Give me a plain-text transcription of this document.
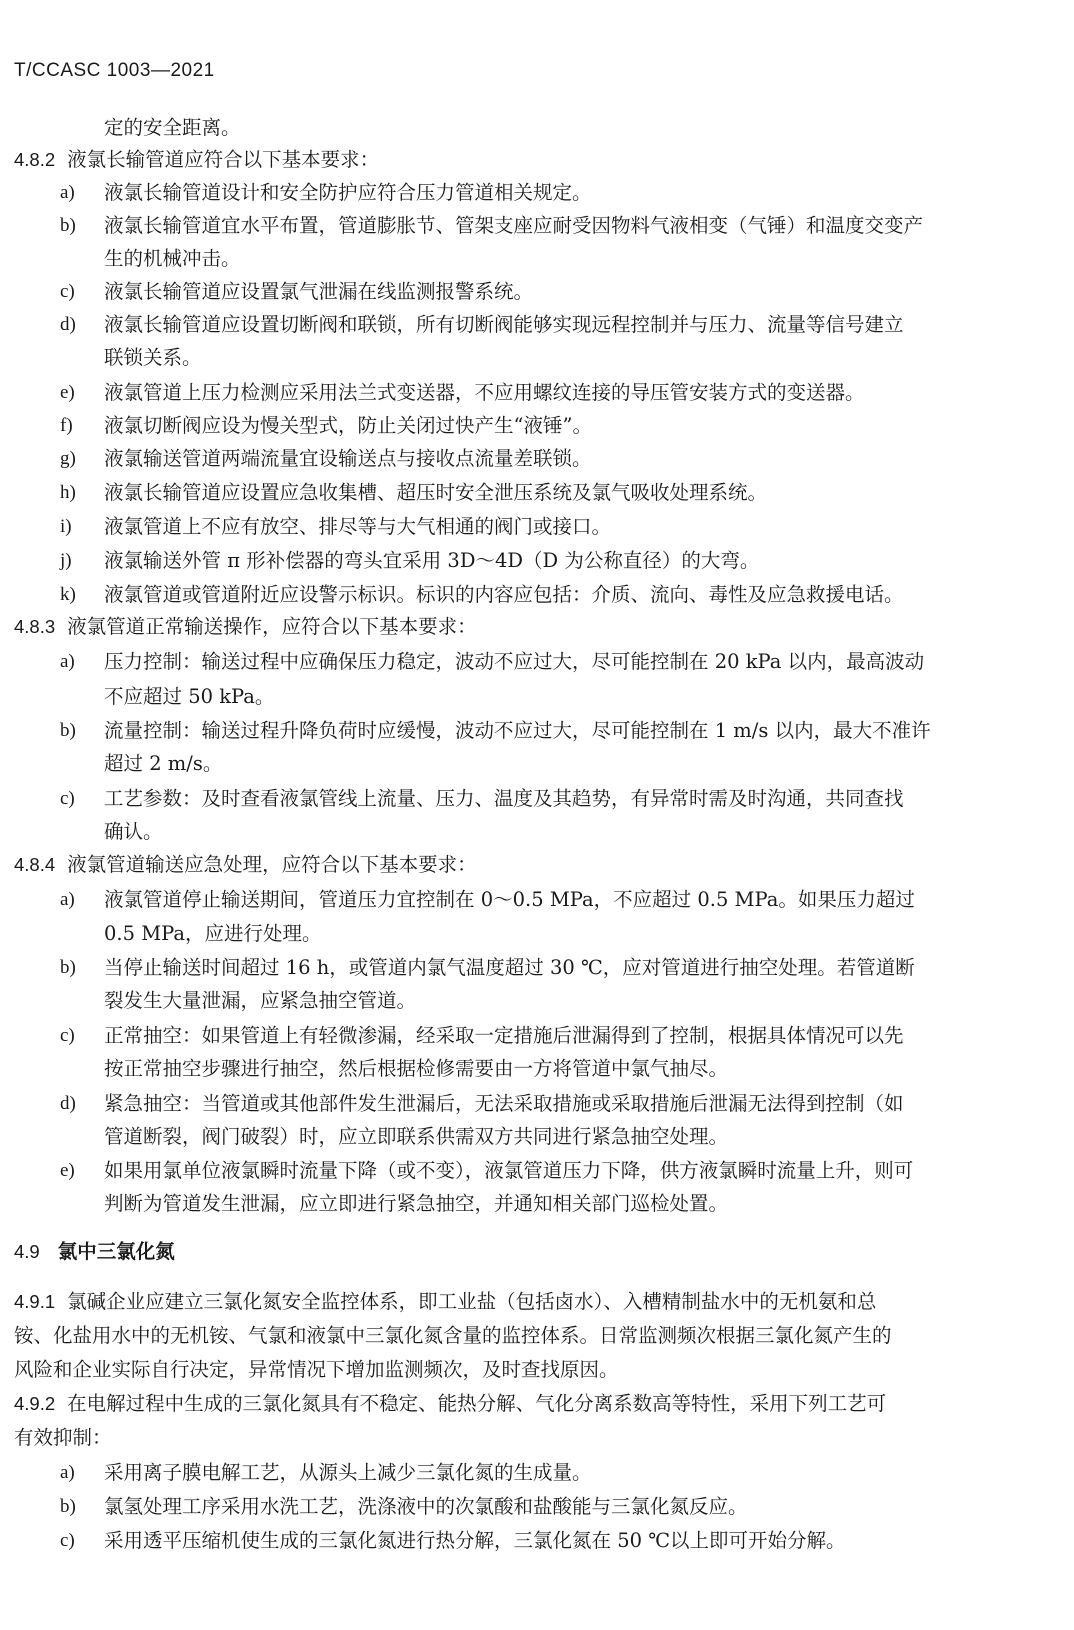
T/CCASC 1003—2021
定的安全距离。
4.8.2 液氯长输管道应符合以下基本要求：
a) 液氯长输管道设计和安全防护应符合压力管道相关规定。
b) 液氯长输管道宜水平布置，管道膨胀节、管架支座应耐受因物料气液相变（气锤）和温度交变产
生的机械冲击。
c) 液氯长输管道应设置氯气泄漏在线监测报警系统。
d) 液氯长输管道应设置切断阀和联锁，所有切断阀能够实现远程控制并与压力、流量等信号建立
联锁关系。
e) 液氯管道上压力检测应采用法兰式变送器，不应用螺纹连接的导压管安装方式的变送器。
f) 液氯切断阀应设为慢关型式，防止关闭过快产生“液锤”。
g) 液氯输送管道两端流量宜设输送点与接收点流量差联锁。
h) 液氯长输管道应设置应急收集槽、超压时安全泄压系统及氯气吸收处理系统。
i) 液氯管道上不应有放空、排尽等与大气相通的阀门或接口。
j) 液氯输送外管 π 形补偿器的弯头宜采用 3D～4D（D 为公称直径）的大弯。
k) 液氯管道或管道附近应设警示标识。标识的内容应包括：介质、流向、毒性及应急救援电话。
4.8.3 液氯管道正常输送操作，应符合以下基本要求：
a) 压力控制：输送过程中应确保压力稳定，波动不应过大，尽可能控制在 20 kPa 以内，最高波动
不应超过 50 kPa。
b) 流量控制：输送过程升降负荷时应缓慢，波动不应过大，尽可能控制在 1 m/s 以内，最大不准许
超过 2 m/s。
c) 工艺参数：及时查看液氯管线上流量、压力、温度及其趋势，有异常时需及时沟通，共同查找
确认。
4.8.4 液氯管道输送应急处理，应符合以下基本要求：
a) 液氯管道停止输送期间，管道压力宜控制在 0～0.5 MPa，不应超过 0.5 MPa。如果压力超过
0.5 MPa，应进行处理。
b) 当停止输送时间超过 16 h，或管道内氯气温度超过 30 ℃，应对管道进行抽空处理。若管道断
裂发生大量泄漏，应紧急抽空管道。
c) 正常抽空：如果管道上有轻微渗漏，经采取一定措施后泄漏得到了控制，根据具体情况可以先
按正常抽空步骤进行抽空，然后根据检修需要由一方将管道中氯气抽尽。
d) 紧急抽空：当管道或其他部件发生泄漏后，无法采取措施或采取措施后泄漏无法得到控制（如
管道断裂，阀门破裂）时，应立即联系供需双方共同进行紧急抽空处理。
e) 如果用氯单位液氯瞬时流量下降（或不变），液氯管道压力下降，供方液氯瞬时流量上升，则可
判断为管道发生泄漏，应立即进行紧急抽空，并通知相关部门巡检处置。
4.9 氯中三氯化氮
4.9.1 氯碱企业应建立三氯化氮安全监控体系，即工业盐（包括卤水）、入槽精制盐水中的无机氨和总
铵、化盐用水中的无机铵、气氯和液氯中三氯化氮含量的监控体系。日常监测频次根据三氯化氮产生的
风险和企业实际自行决定，异常情况下增加监测频次，及时查找原因。
4.9.2 在电解过程中生成的三氯化氮具有不稳定、能热分解、气化分离系数高等特性，采用下列工艺可
有效抑制：
a) 采用离子膜电解工艺，从源头上减少三氯化氮的生成量。
b) 氯氢处理工序采用水洗工艺，洗涤液中的次氯酸和盐酸能与三氯化氮反应。
c) 采用透平压缩机使生成的三氯化氮进行热分解，三氯化氮在 50 ℃以上即可开始分解。
